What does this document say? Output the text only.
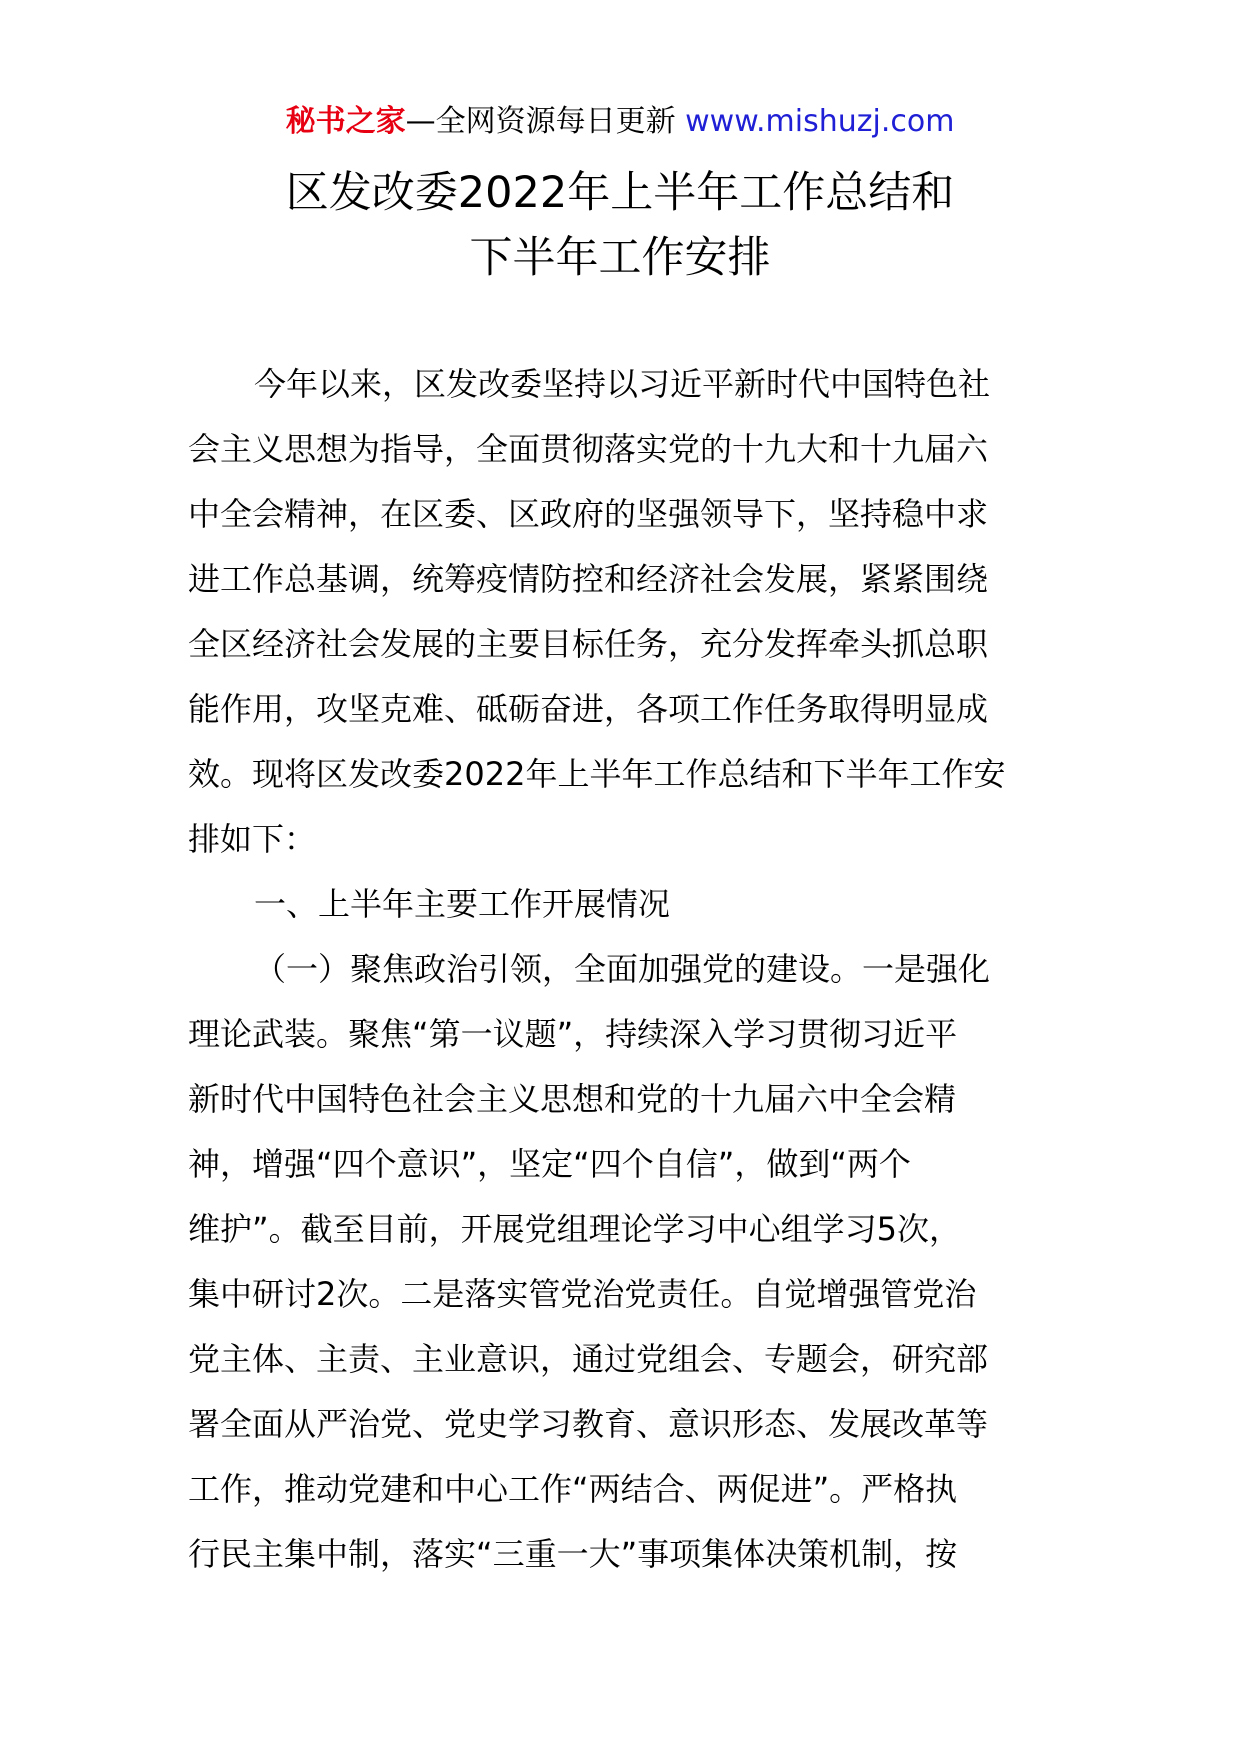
秘书之家—全网资源每日更新 www.mishuzj.com
区发改委2022年上半年工作总结和
下半年工作安排
今年以来，区发改委坚持以习近平新时代中国特色社
会主义思想为指导，全面贯彻落实党的十九大和十九届六
中全会精神，在区委、区政府的坚强领导下，坚持稳中求
进工作总基调，统筹疫情防控和经济社会发展，紧紧围绕
全区经济社会发展的主要目标任务，充分发挥牵头抓总职
能作用，攻坚克难、砥砺奋进，各项工作任务取得明显成
效。现将区发改委2022年上半年工作总结和下半年工作安
排如下：
一、上半年主要工作开展情况
（一）聚焦政治引领，全面加强党的建设。一是强化
理论武装。聚焦“第一议题”，持续深入学习贯彻习近平
新时代中国特色社会主义思想和党的十九届六中全会精
神，增强“四个意识”，坚定“四个自信”，做到“两个
维护”。截至目前，开展党组理论学习中心组学习5次，
集中研讨2次。二是落实管党治党责任。自觉增强管党治
党主体、主责、主业意识，通过党组会、专题会，研究部
署全面从严治党、党史学习教育、意识形态、发展改革等
工作，推动党建和中心工作“两结合、两促进”。严格执
行民主集中制，落实“三重一大”事项集体决策机制，按
